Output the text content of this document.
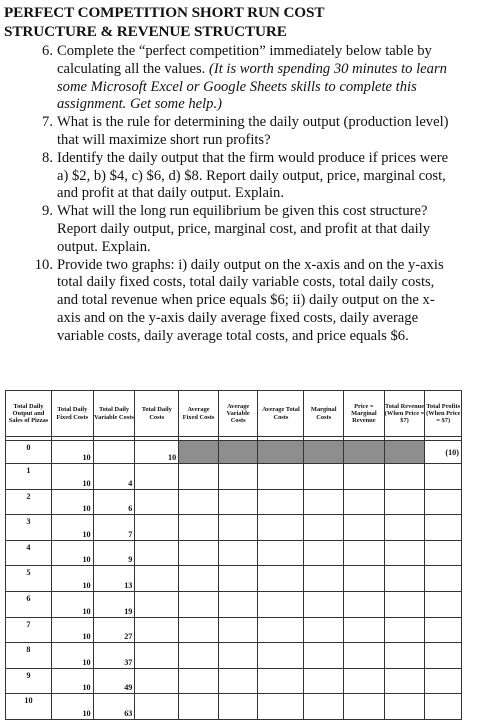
PERFECT COMPETITION SHORT RUN COST
STRUCTURE & REVENUE STRUCTURE
6. Complete the “perfect competition” immediately below table by calculating all the values. (It is worth spending 30 minutes to learn some Microsoft Excel or Google Sheets skills to complete this assignment. Get some help.)
7. What is the rule for determining the daily output (production level) that will maximize short run profits?
8. Identify the daily output that the firm would produce if prices were a) $2, b) $4, c) $6, d) $8. Report daily output, price, marginal cost, and profit at that daily output. Explain.
9. What will the long run equilibrium be given this cost structure? Report daily output, price, marginal cost, and profit at that daily output. Explain.
10. Provide two graphs: i) daily output on the x-axis and on the y-axis total daily fixed costs, total daily variable costs, total daily costs, and total revenue when price equals $6; ii) daily output on the x-axis and on the y-axis daily average fixed costs, daily average variable costs, daily average total costs, and price equals $6.
Total Daily Output and Sales of Pizzas	Total Daily Fixed Costs	Total Daily Variable Costs	Total Daily Costs	Average Fixed Costs	Average Variable Costs	Average Total Costs	Marginal Costs	Price = Marginal Revenue	Total Revenue (When Price = $7)	Total Profits (When Price = $7)

0	10		10							(10)
1	10	4								
2	10	6								
3	10	7								
4	10	9								
5	10	13								
6	10	19								
7	10	27								
8	10	37								
9	10	49								
10	10	63								
